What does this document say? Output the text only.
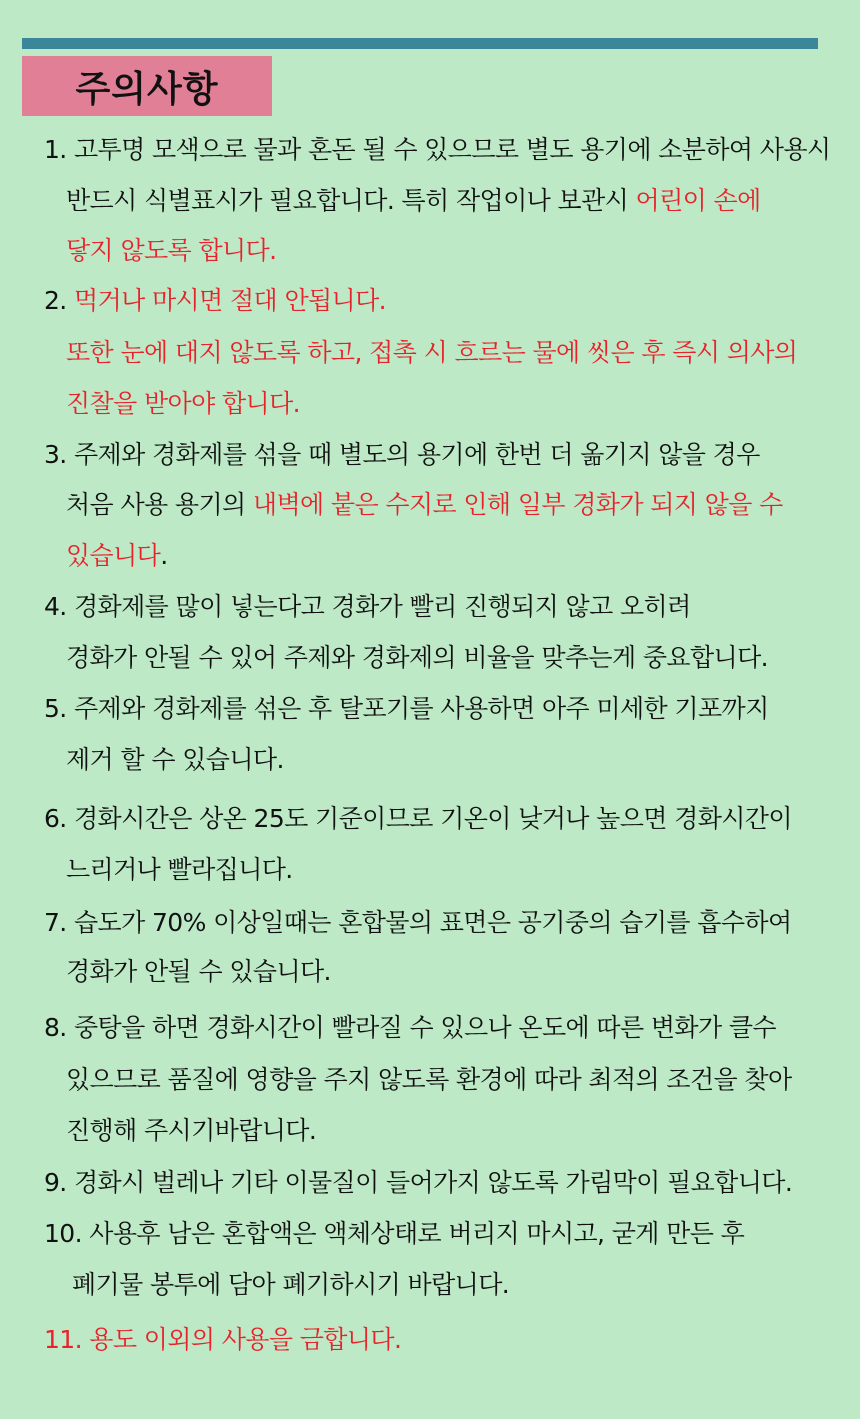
주의사항
1. 고투명 모색으로 물과 혼돈 될 수 있으므로 별도 용기에 소분하여 사용시
반드시 식별표시가 필요합니다. 특히 작업이나 보관시 어린이 손에
닿지 않도록 합니다.
2. 먹거나 마시면 절대 안됩니다.
또한 눈에 대지 않도록 하고, 접촉 시 흐르는 물에 씻은 후 즉시 의사의
진찰을 받아야 합니다.
3. 주제와 경화제를 섞을 때 별도의 용기에 한번 더 옮기지 않을 경우
처음 사용 용기의 내벽에 붙은 수지로 인해 일부 경화가 되지 않을 수
있습니다.
4. 경화제를 많이 넣는다고 경화가 빨리 진행되지 않고 오히려
경화가 안될 수 있어 주제와 경화제의 비율을 맞추는게 중요합니다.
5. 주제와 경화제를 섞은 후 탈포기를 사용하면 아주 미세한 기포까지
제거 할 수 있습니다.
6. 경화시간은 상온 25도 기준이므로 기온이 낮거나 높으면 경화시간이
느리거나 빨라집니다.
7. 습도가 70% 이상일때는 혼합물의 표면은 공기중의 습기를 흡수하여
경화가 안될 수 있습니다.
8. 중탕을 하면 경화시간이 빨라질 수 있으나 온도에 따른 변화가 클수
있으므로 품질에 영향을 주지 않도록 환경에 따라 최적의 조건을 찾아
진행해 주시기바랍니다.
9. 경화시 벌레나 기타 이물질이 들어가지 않도록 가림막이 필요합니다.
10. 사용후 남은 혼합액은 액체상태로 버리지 마시고, 굳게 만든 후
폐기물 봉투에 담아 폐기하시기 바랍니다.
11. 용도 이외의 사용을 금합니다.
